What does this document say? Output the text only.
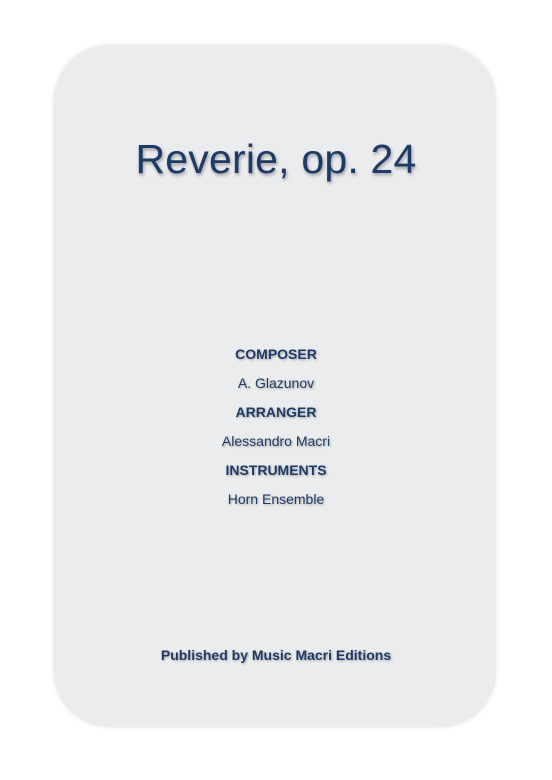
Reverie, op. 24
COMPOSER
A. Glazunov
ARRANGER
Alessandro Macri
INSTRUMENTS
Horn Ensemble
Published by Music Macri Editions
